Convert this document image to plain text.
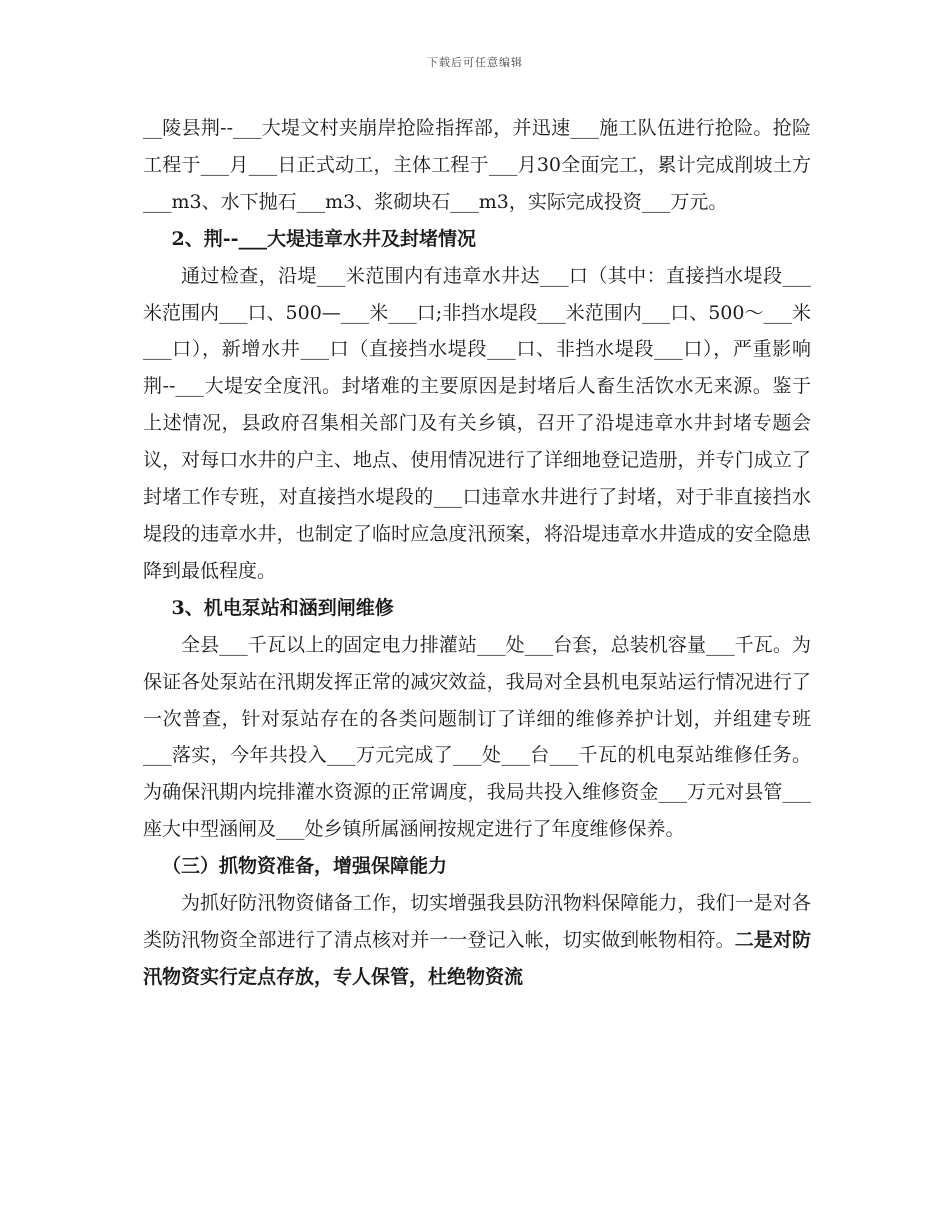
下载后可任意编辑

__陵县荆--___大堤文村夹崩岸抢险指挥部，并迅速___施工队伍进行抢险。抢险工程于___月___日正式动工，主体工程于___月30全面完工，累计完成削坡土方___m3、水下抛石___m3、浆砌块石___m3，实际完成投资___万元。

2、荆--___大堤违章水井及封堵情况

通过检查，沿堤___米范围内有违章水井达___口（其中：直接挡水堤段___米范围内___口、500—___米___口;非挡水堤段___米范围内___口、500～___米___口），新增水井___口（直接挡水堤段___口、非挡水堤段___口），严重影响荆--___大堤安全度汛。封堵难的主要原因是封堵后人畜生活饮水无来源。鉴于上述情况，县政府召集相关部门及有关乡镇，召开了沿堤违章水井封堵专题会议，对每口水井的户主、地点、使用情况进行了详细地登记造册，并专门成立了封堵工作专班，对直接挡水堤段的___口违章水井进行了封堵，对于非直接挡水堤段的违章水井，也制定了临时应急度汛预案，将沿堤违章水井造成的安全隐患降到最低程度。

3、机电泵站和涵到闸维修

全县___千瓦以上的固定电力排灌站___处___台套，总装机容量___千瓦。为保证各处泵站在汛期发挥正常的减灾效益，我局对全县机电泵站运行情况进行了一次普查，针对泵站存在的各类问题制订了详细的维修养护计划，并组建专班___落实，今年共投入___万元完成了___处___台___千瓦的机电泵站维修任务。为确保汛期内垸排灌水资源的正常调度，我局共投入维修资金___万元对县管___座大中型涵闸及___处乡镇所属涵闸按规定进行了年度维修保养。

（三）抓物资准备，增强保障能力

为抓好防汛物资储备工作，切实增强我县防汛物料保障能力，我们一是对各类防汛物资全部进行了清点核对并一一登记入帐，切实做到帐物相符。二是对防汛物资实行定点存放，专人保管，杜绝物资流
